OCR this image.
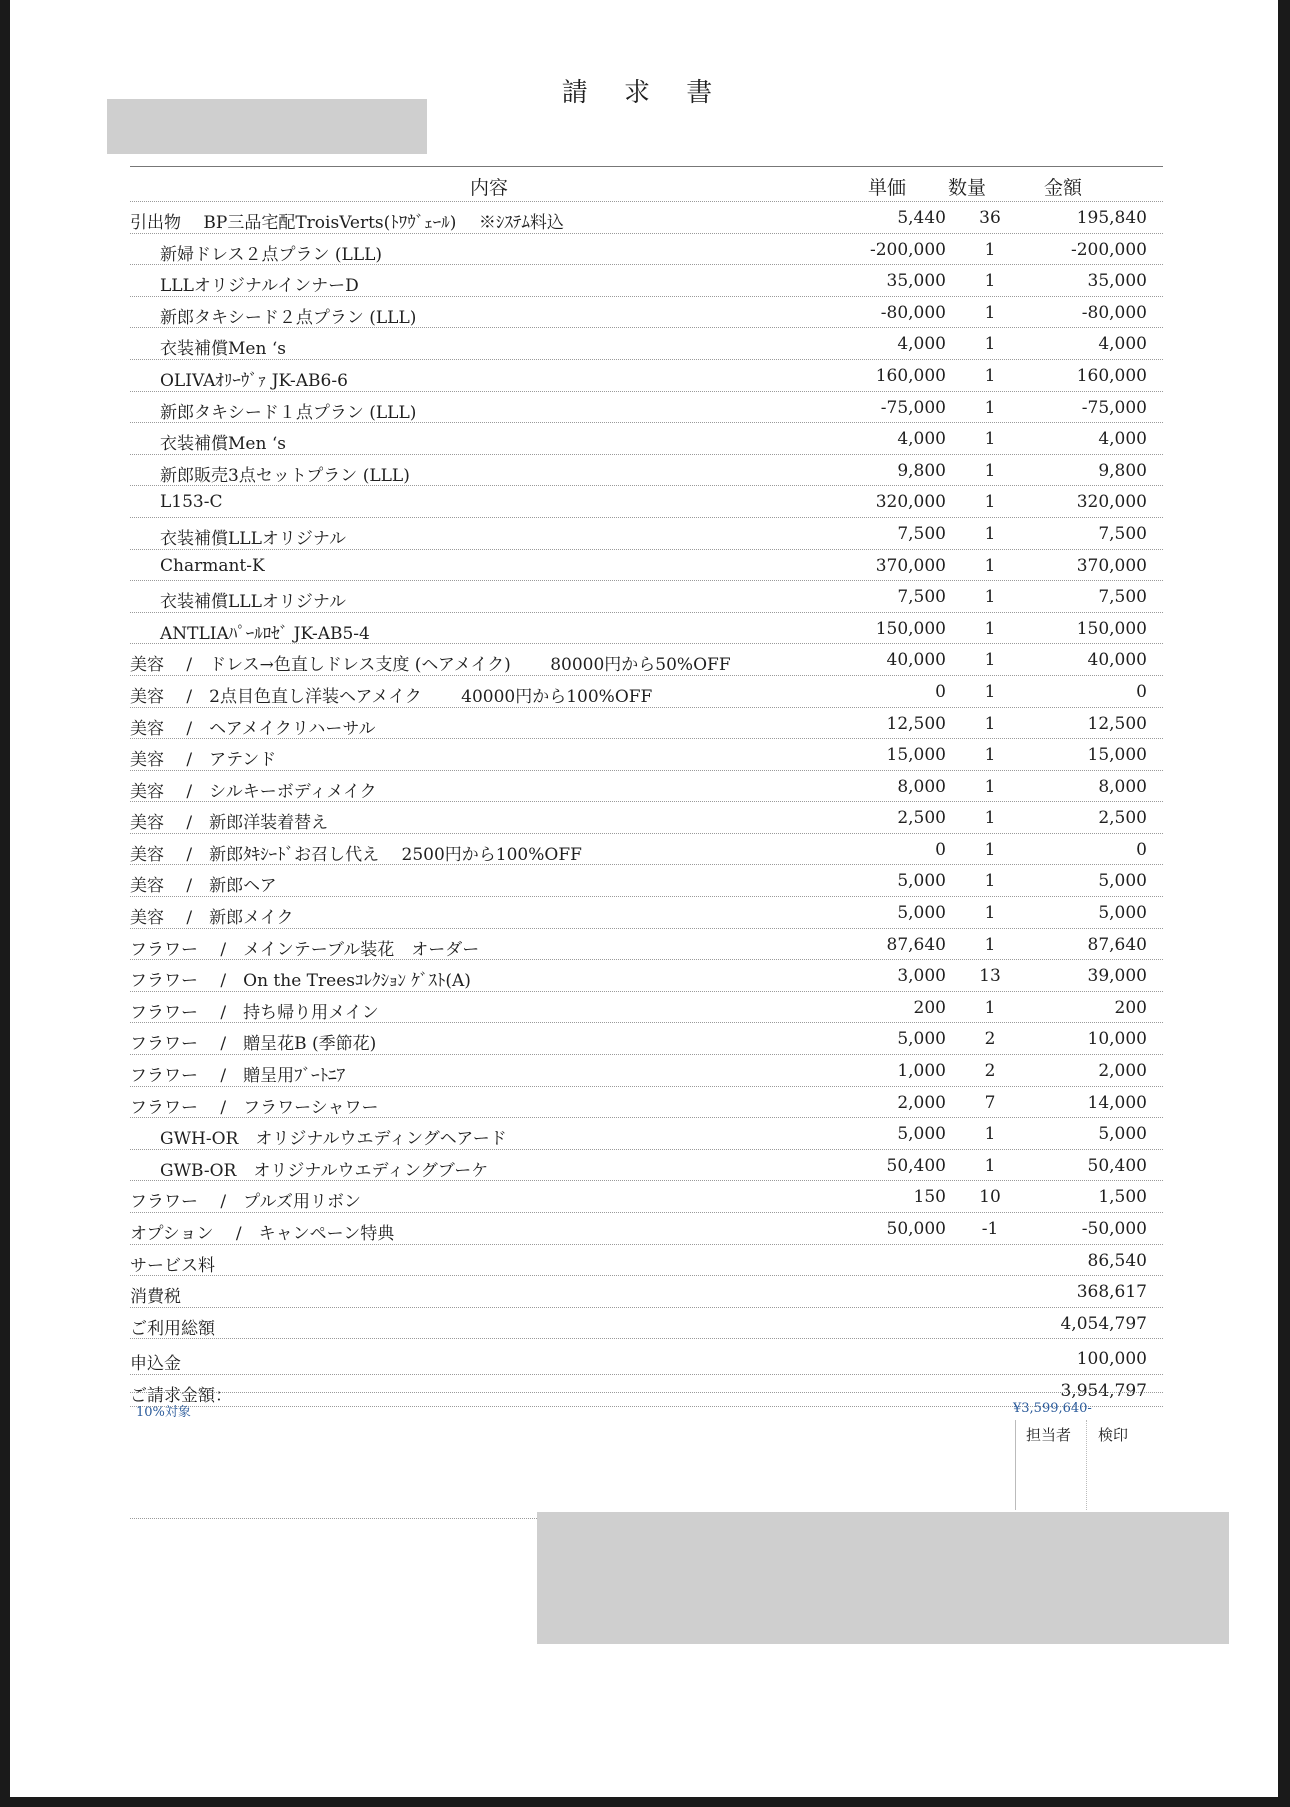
請 求 書
内容	単価 数量	金額
引出物　 BP三品宅配TroisVerts(ﾄﾜｳﾞｪｰﾙ)　 ※ｼｽﾃﾑ料込	5,440	36	195,840
新婦ドレス２点プラン (LLL)	-200,000	1	-200,000
LLLオリジナルインナーD	35,000	1	35,000
新郎タキシード２点プラン (LLL)	-80,000	1	-80,000
衣装補償Men ‘s	4,000	1	4,000
OLIVAｵﾘｰｳﾞｧ JK-AB6-6	160,000	1	160,000
新郎タキシード１点プラン (LLL)	-75,000	1	-75,000
衣装補償Men ‘s	4,000	1	4,000
新郎販売3点セットプラン (LLL)	9,800	1	9,800
L153-C	320,000	1	320,000
衣装補償LLLオリジナル	7,500	1	7,500
Charmant-K	370,000	1	370,000
衣装補償LLLオリジナル	7,500	1	7,500
ANTLIAﾊﾟｰﾙﾛｾﾞ JK-AB5-4	150,000	1	150,000
美容　 /　ドレス→色直しドレス支度 (ヘアメイク)　　 80000円から50%OFF	40,000	1	40,000
美容　 /　2点目色直し洋装ヘアメイク　　 40000円から100%OFF	0	1	0
美容　 /　ヘアメイクリハーサル	12,500	1	12,500
美容　 /　アテンド	15,000	1	15,000
美容　 /　シルキーボディメイク	8,000	1	8,000
美容　 /　新郎洋装着替え	2,500	1	2,500
美容　 /　新郎ﾀｷｼｰﾄﾞお召し代え　 2500円から100%OFF	0	1	0
美容　 /　新郎ヘア	5,000	1	5,000
美容　 /　新郎メイク	5,000	1	5,000
フラワー　 /　メインテーブル装花　オーダー	87,640	1	87,640
フラワー　 /　On the Treesｺﾚｸｼｮﾝ ｹﾞｽﾄ(A)	3,000	13	39,000
フラワー　 /　持ち帰り用メイン	200	1	200
フラワー　 /　贈呈花B (季節花)	5,000	2	10,000
フラワー　 /　贈呈用ﾌﾞｰﾄﾆｱ	1,000	2	2,000
フラワー　 /　フラワーシャワー	2,000	7	14,000
GWH-OR　オリジナルウエディングヘアード	5,000	1	5,000
GWB-OR　オリジナルウエディングブーケ	50,400	1	50,400
フラワー　 /　プルズ用リボン	150	10	1,500
オプション　 /　キャンペーン特典	50,000	-1	-50,000
サービス料	86,540
消費税	368,617
ご利用総額	4,054,797
申込金	100,000
ご請求金額：	3,954,797
10%対象	¥3,599,640-
担当者 検印
